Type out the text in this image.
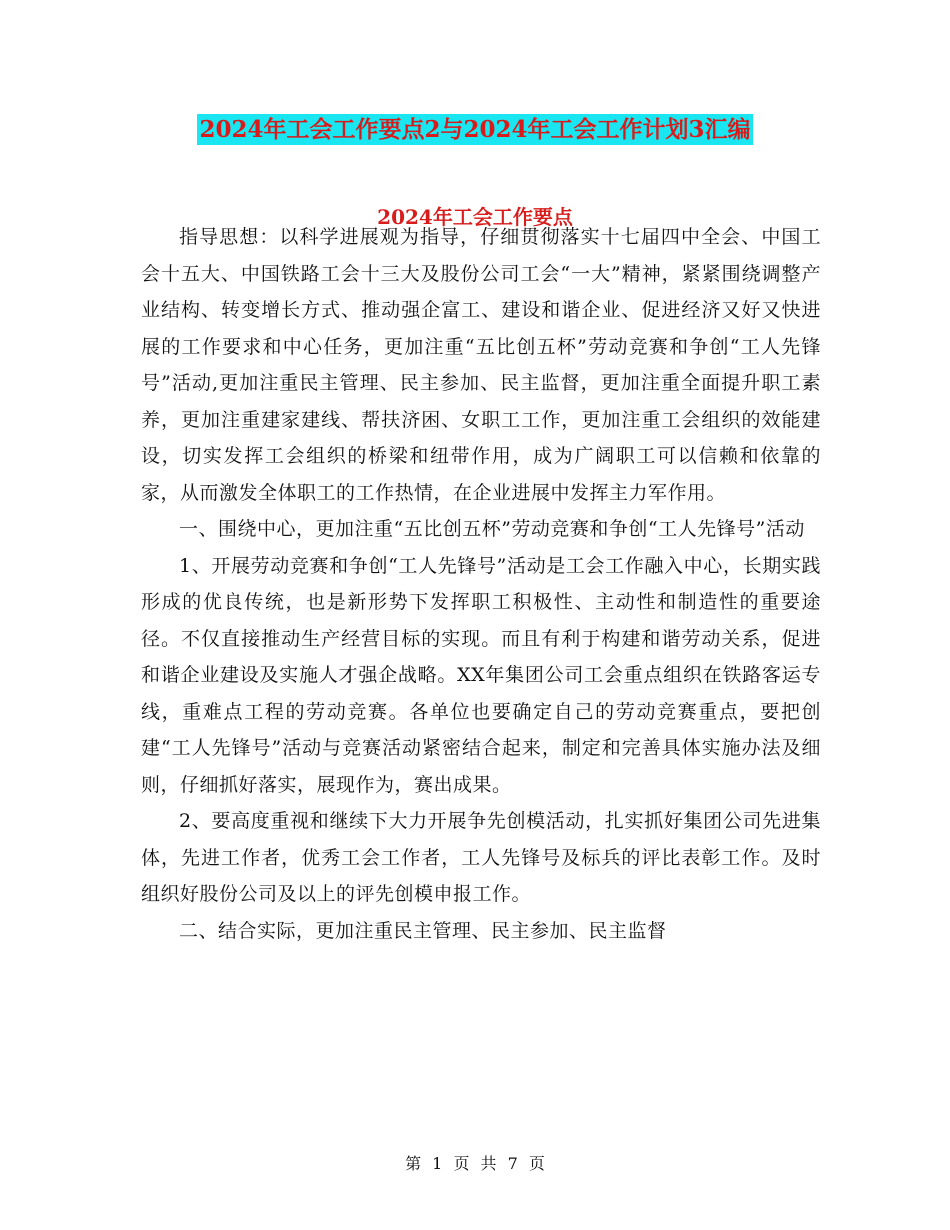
2024年工会工作要点2与2024年工会工作计划3汇编
2024年工会工作要点

指导思想：以科学进展观为指导，仔细贯彻落实十七届四中全会、中国工会十五大、中国铁路工会十三大及股份公司工会“一大”精神，紧紧围绕调整产业结构、转变增长方式、推动强企富工、建设和谐企业、促进经济又好又快进展的工作要求和中心任务，更加注重“五比创五杯”劳动竞赛和争创“工人先锋号”活动,更加注重民主管理、民主参加、民主监督，更加注重全面提升职工素养，更加注重建家建线、帮扶济困、女职工工作，更加注重工会组织的效能建设，切实发挥工会组织的桥梁和纽带作用，成为广阔职工可以信赖和依靠的家，从而激发全体职工的工作热情，在企业进展中发挥主力军作用。

一、围绕中心，更加注重“五比创五杯”劳动竞赛和争创“工人先锋号”活动

1、开展劳动竞赛和争创“工人先锋号”活动是工会工作融入中心，长期实践形成的优良传统，也是新形势下发挥职工积极性、主动性和制造性的重要途径。不仅直接推动生产经营目标的实现。而且有利于构建和谐劳动关系，促进和谐企业建设及实施人才强企战略。XX年集团公司工会重点组织在铁路客运专线，重难点工程的劳动竞赛。各单位也要确定自己的劳动竞赛重点，要把创建“工人先锋号”活动与竞赛活动紧密结合起来，制定和完善具体实施办法及细则，仔细抓好落实，展现作为，赛出成果。

2、要高度重视和继续下大力开展争先创模活动，扎实抓好集团公司先进集体，先进工作者，优秀工会工作者，工人先锋号及标兵的评比表彰工作。及时组织好股份公司及以上的评先创模申报工作。

二、结合实际，更加注重民主管理、民主参加、民主监督

第 1 页 共 7 页
